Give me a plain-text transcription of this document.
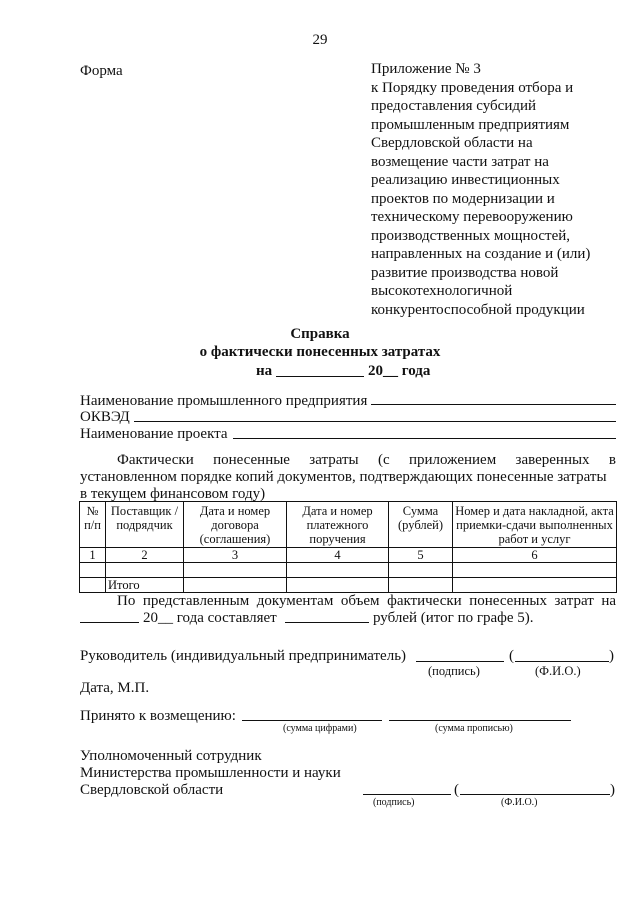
29
Форма	Приложение № 3
к Порядку проведения отбора и
предоставления субсидий
промышленным предприятиям
Свердловской области на
возмещение части затрат на
реализацию инвестиционных
проектов по модернизации и
техническому перевооружению
производственных мощностей,
направленных на создание и (или)
развитие производства новой
высокотехнологичной
конкурентоспособной продукции
Справка
о фактически понесенных затратах
на	20__ года
Наименование промышленного предприятия
ОКВЭД
Наименование проекта
Фактически понесенные затраты (с приложением заверенных в
установленном порядке копий документов, подтверждающих понесенные затраты
в текущем финансовом году)
№ п/п	Поставщик / подрядчик	Дата и номер договора (соглашения)	Дата и номер платежного поручения	Сумма (рублей)	Номер и дата накладной, акта приемки-сдачи выполненных работ и услуг
1	2	3	4	5	6

	Итого				
По представленным документам объем фактически понесенных затрат на
20__ года составляет	рублей (итог по графе 5).
Руководитель (индивидуальный предприниматель)	(	)
(подпись)	(Ф.И.О.)
Дата, М.П.
Принято к возмещению:
(сумма цифрами)	(сумма прописью)
Уполномоченный сотрудник
Министерства промышленности и науки
Свердловской области	(	)
(подпись)	(Ф.И.О.)
